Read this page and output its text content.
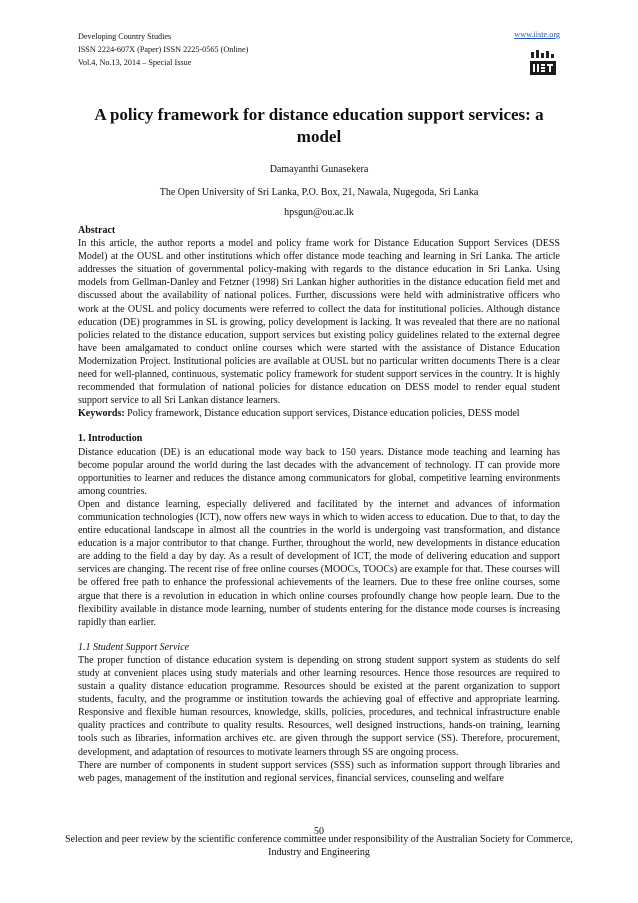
Developing Country Studies
ISSN 2224-607X (Paper) ISSN 2225-0565 (Online)
Vol.4, No.13, 2014 – Special Issue
www.iiste.org
A policy framework for distance education support services: a model
Damayanthi Gunasekera
The Open University of Sri Lanka, P.O. Box, 21, Nawala, Nugegoda, Sri Lanka
hpsgun@ou.ac.lk

Abstract

In this article, the author reports a model and policy frame work for Distance Education Support Services (DESS Model) at the OUSL and other institutions which offer distance mode teaching and learning in Sri Lanka. The article addresses the situation of governmental policy-making with regards to the distance education in Sri Lanka. Using models from Gellman-Danley and Fetzner (1998) Sri Lankan higher authorities in the distance education field met and discussed about the availability of national polices. Further, discussions were held with administrative officers who work at the OUSL and policy documents were referred to collect the data for institutional policies. Although distance education (DE) programmes in SL is growing, policy development is lacking. It was revealed that there are no national policies related to the distance education, support services but existing policy guidelines related to the external degree have been amalgamated to conduct online courses which were started with the assistance of Distance Education Modernization Project. Institutional policies are available at OUSL but no particular written documents There is a clear need for well-planned, continuous, systematic policy framework for student support services in the country. It is highly recommended that formulation of national policies for distance education on DESS model to render equal student support service to all Sri Lankan distance learners.

Keywords: Policy framework, Distance education support services, Distance education policies, DESS model

1. Introduction

Distance education (DE) is an educational mode way back to 150 years. Distance mode teaching and learning has become popular around the world during the last decades with the advancement of technology. IT can provide more opportunities to learner and reduces the distance among communicators for global, competitive learning environments among countries.

Open and distance learning, especially delivered and facilitated by the internet and advances of information communication technologies (ICT), now offers new ways in which to widen access to education. Due to that, to day the entire educational landscape in almost all the countries in the world is undergoing vast transformation, and distance education is a major contributor to that change. Further, throughout the world, new developments in distance education are adding to the field a day by day. As a result of development of ICT, the mode of delivering education and support services are changing. The recent rise of free online courses (MOOCs, TOOCs) are example for that. These courses will be offered free path to enhance the professional achievements of the learners. Due to these free online courses, some argue that there is a revolution in education in which online courses profoundly change how people learn. Due to the flexibility available in distance mode learning, number of students entering for the distance mode courses is increasing rapidly than earlier.

1.1 Student Support Service

The proper function of distance education system is depending on strong student support system as students do self study at convenient places using study materials and other learning resources. Hence those resources are required to sustain a quality distance education programme. Resources should be existed at the parent organization to support students, faculty, and the programme or institution towards the achieving goal of effective and appropriate learning. Responsive and flexible human resources, knowledge, skills, policies, procedures, and technical infrastructure enable quality practices and contribute to quality results. Resources, well designed instructions, hands-on training, learning tools such as libraries, information archives etc. are given through the support service (SS). Therefore, procurement, development, and adaptation of resources to motivate learners through SS are ongoing process.

There are number of components in student support services (SSS) such as information support through libraries and web pages, management of the institution and regional services, financial services, counseling and welfare

50
Selection and peer review by the scientific conference committee under responsibility of the Australian Society for Commerce, Industry and Engineering
